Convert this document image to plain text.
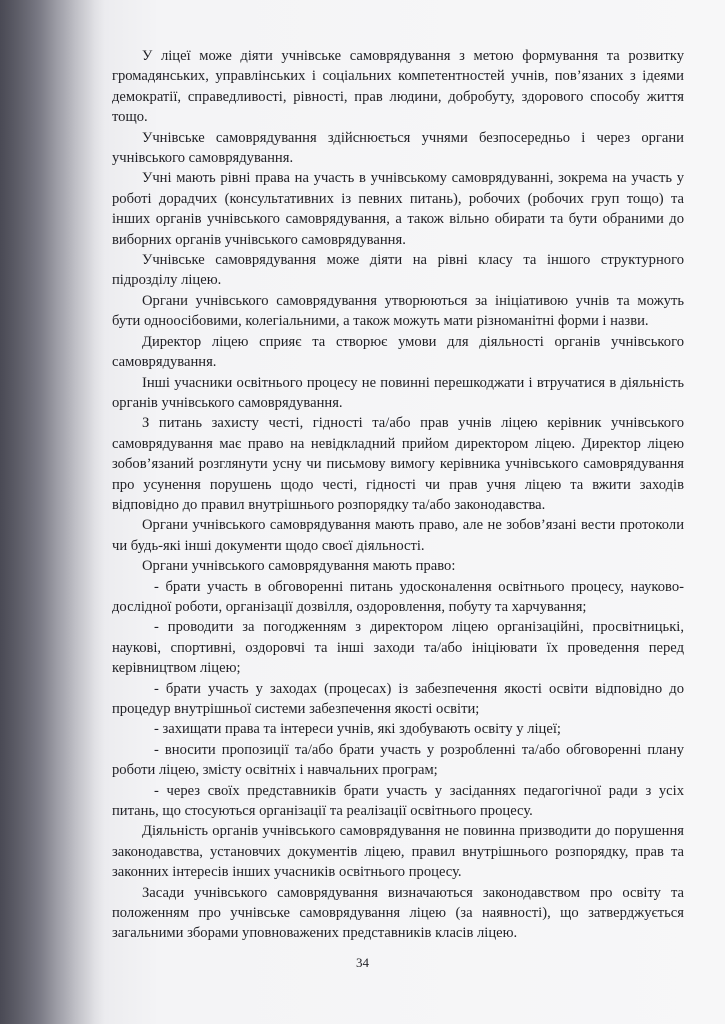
У ліцеї може діяти учнівське самоврядування з метою формування та розвитку громадянських, управлінських і соціальних компетентностей учнів, пов’язаних з ідеями демократії, справедливості, рівності, прав людини, добробуту, здорового способу життя тощо.

Учнівське самоврядування здійснюється учнями безпосередньо і через органи учнівського самоврядування.

Учні мають рівні права на участь в учнівському самоврядуванні, зокрема на участь у роботі дорадчих (консультативних із певних питань), робочих (робочих груп тощо) та інших органів учнівського самоврядування, а також вільно обирати та бути обраними до виборних органів учнівського самоврядування.

Учнівське самоврядування може діяти на рівні класу та іншого структурного підрозділу ліцею.

Органи учнівського самоврядування утворюються за ініціативою учнів та можуть бути одноосібовими, колегіальними, а також можуть мати різноманітні форми і назви.

Директор ліцею сприяє та створює умови для діяльності органів учнівського самоврядування.

Інші учасники освітнього процесу не повинні перешкоджати і втручатися в діяльність органів учнівського самоврядування.

З питань захисту честі, гідності та/або прав учнів ліцею керівник учнівського самоврядування має право на невідкладний прийом директором ліцею. Директор ліцею зобов’язаний розглянути усну чи письмову вимогу керівника учнівського самоврядування про усунення порушень щодо честі, гідності чи прав учня ліцею та вжити заходів відповідно до правил внутрішнього розпорядку та/або законодавства.

Органи учнівського самоврядування мають право, але не зобов’язані вести протоколи чи будь-які інші документи щодо своєї діяльності.

Органи учнівського самоврядування мають право:

- брати участь в обговоренні питань удосконалення освітнього процесу, науково-дослідної роботи, організації дозвілля, оздоровлення, побуту та харчування;

- проводити за погодженням з директором ліцею організаційні, просвітницькі, наукові, спортивні, оздоровчі та інші заходи та/або ініціювати їх проведення перед керівництвом ліцею;

- брати участь у заходах (процесах) із забезпечення якості освіти відповідно до процедур внутрішньої системи забезпечення якості освіти;

- захищати права та інтереси учнів, які здобувають освіту у ліцеї;

- вносити пропозиції та/або брати участь у розробленні та/або обговоренні плану роботи ліцею, змісту освітніх і навчальних програм;

- через своїх представників брати участь у засіданнях педагогічної ради з усіх питань, що стосуються організації та реалізації освітнього процесу.

Діяльність органів учнівського самоврядування не повинна призводити до порушення законодавства, установчих документів ліцею, правил внутрішнього розпорядку, прав та законних інтересів інших учасників освітнього процесу.

Засади учнівського самоврядування визначаються законодавством про освіту та положенням про учнівське самоврядування ліцею (за наявності), що затверджується загальними зборами уповноважених представників класів ліцею.

34
